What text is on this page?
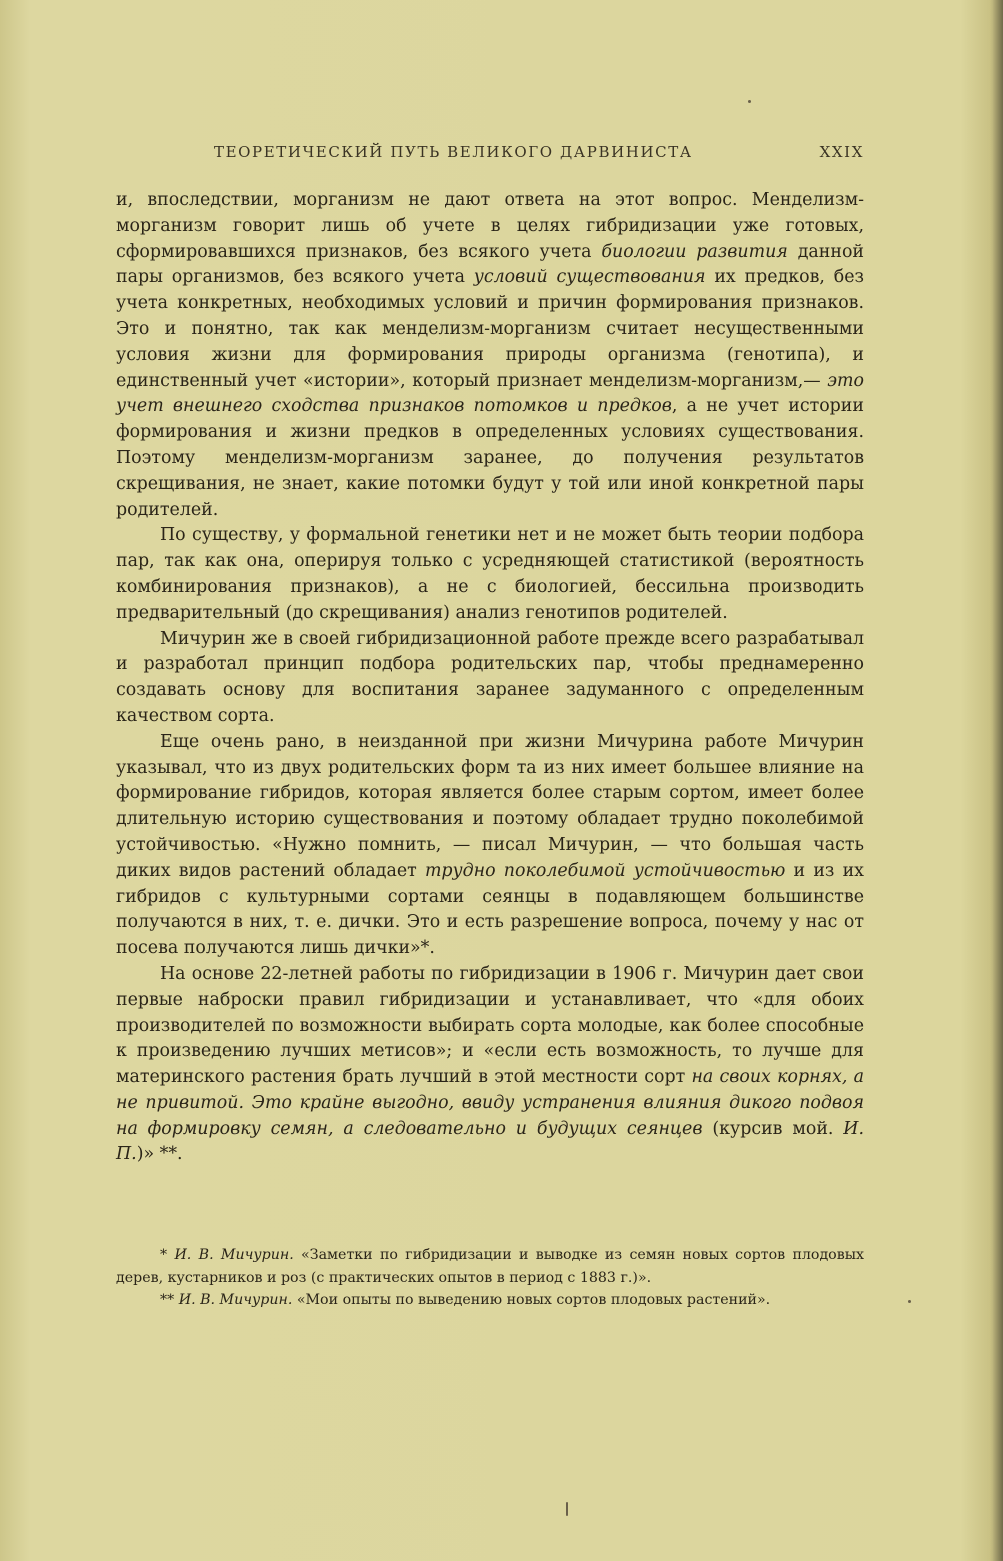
ТЕОРЕТИЧЕСКИЙ ПУТЬ ВЕЛИКОГО ДАРВИНИСТА	XXIX

и, впоследствии, морганизм не дают ответа на этот вопрос. Менделизм-морганизм говорит лишь об учете в целях гибридизации уже готовых, сформировавшихся признаков, без всякого учета биологии развития данной пары организмов, без всякого учета условий существования их предков, без учета конкретных, необходимых условий и причин формирования признаков. Это и понятно, так как менделизм-морганизм считает несущественными условия жизни для формирования природы организма (генотипа), и единственный учет «истории», который признает менделизм-морганизм,— это учет внешнего сходства признаков потомков и предков, а не учет истории формирования и жизни предков в определенных условиях существования. Поэтому менделизм-морганизм заранее, до получения результатов скрещивания, не знает, какие потомки будут у той или иной конкретной пары родителей.

По существу, у формальной генетики нет и не может быть теории подбора пар, так как она, оперируя только с усредняющей статистикой (вероятность комбинирования признаков), а не с биологией, бессильна производить предварительный (до скрещивания) анализ генотипов родителей.

Мичурин же в своей гибридизационной работе прежде всего разрабатывал и разработал принцип подбора родительских пар, чтобы преднамеренно создавать основу для воспитания заранее задуманного с определенным качеством сорта.

Еще очень рано, в неизданной при жизни Мичурина работе Мичурин указывал, что из двух родительских форм та из них имеет большее влияние на формирование гибридов, которая является более старым сортом, имеет более длительную историю существования и поэтому обладает трудно поколебимой устойчивостью. «Нужно помнить, — писал Мичурин, — что большая часть диких видов растений обладает трудно поколебимой устойчивостью и из их гибридов с культурными сортами сеянцы в подавляющем большинстве получаются в них, т. е. дички. Это и есть разрешение вопроса, почему у нас от посева получаются лишь дички»*.

На основе 22-летней работы по гибридизации в 1906 г. Мичурин дает свои первые наброски правил гибридизации и устанавливает, что «для обоих производителей по возможности выбирать сорта молодые, как более способные к произведению лучших метисов»; и «если есть возможность, то лучше для материнского растения брать лучший в этой местности сорт на своих корнях, а не привитой. Это крайне выгодно, ввиду устранения влияния дикого подвоя на формировку семян, а следовательно и будущих сеянцев (курсив мой. И. П.)» **.

* И. В. Мичурин. «Заметки по гибридизации и выводке из семян новых сортов плодовых дерев, кустарников и роз (с практических опытов в период с 1883 г.)».

** И. В. Мичурин. «Мои опыты по выведению новых сортов плодовых растений».
